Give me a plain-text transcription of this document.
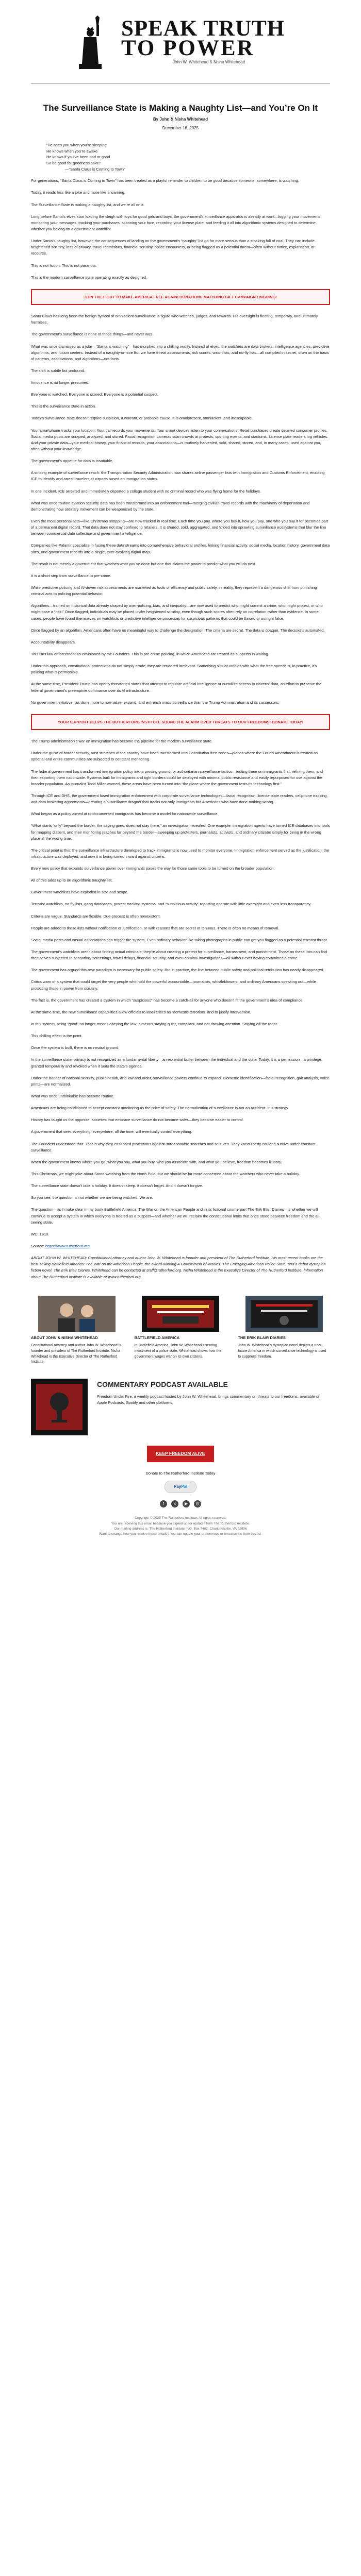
SPEAK TRUTH
TO POWER
John W. Whitehead & Nisha Whitehead
The Surveillance State is Making a Naughty List—and You’re On It
By John & Nisha Whitehead
December 16, 2025
“He sees you when you’re sleeping
He knows when you’re awake
He knows if you’ve been bad or good
So be good for goodness sake!”
—“Santa Claus is Coming to Town”

For generations, “Santa Claus is Coming to Town” has been treated as a playful reminder to children to be good because someone, somewhere, is watching.

Today, it reads less like a joke and more like a warning.

The Surveillance State is making a naughty list, and we’re all on it.

Long before Santa’s elves start loading the sleigh with toys for good girls and boys, the government’s surveillance apparatus is already at work—logging your movements, monitoring your messages, tracking your purchases, scanning your face, recording your license plate, and feeding it all into algorithmic systems designed to determine whether you belong on a government watchlist.

Under Santa’s naughty list, however, the consequences of landing on the government’s “naughty” list go far more serious than a stocking full of coal. They can include heightened scrutiny, loss of privacy, travel restrictions, financial scrutiny, police encounters, or being flagged as a potential threat—often without notice, explanation, or recourse.

This is not fiction. This is not paranoia.

This is the modern surveillance state operating exactly as designed.

JOIN THE FIGHT TO MAKE AMERICA FREE AGAIN! DONATIONS MATCHING GIFT CAMPAIGN ONGOING!

Santa Claus has long been the benign symbol of omniscient surveillance: a figure who watches, judges, and rewards. His oversight is fleeting, temporary, and ultimately harmless.

The government’s surveillance is none of those things—and never was.

What was once dismissed as a joke—“Santa is watching”—has morphed into a chilling reality. Instead of elves, the watchers are data brokers, intelligence agencies, predictive algorithms, and fusion centers. Instead of a naughty-or-nice list, we have threat assessments, risk scores, watchlists, and no-fly lists—all compiled in secret, often on the basis of patterns, associations, and algorithms—not facts.

The shift is subtle but profound.

Innocence is no longer presumed.

Everyone is watched. Everyone is scored. Everyone is a potential suspect.

This is the surveillance state in action.

Today’s surveillance state doesn’t require suspicion, a warrant, or probable cause. It is omnipresent, omniscient, and inescapable.

Your smartphone tracks your location. Your car records your movements. Your smart devices listen to your conversations. Retail purchases create detailed consumer profiles. Social media posts are scraped, analyzed, and stored. Facial recognition cameras scan crowds at protests, sporting events, and stadiums. License plate readers log vehicles. And your private data—your medical history, your financial records, your associations—is routinely harvested, sold, shared, stored, and, in many cases, used against you, often without your knowledge.

The government’s appetite for data is insatiable.

A striking example of surveillance reach: the Transportation Security Administration now shares airline passenger lists with Immigration and Customs Enforcement, enabling ICE to identify and arrest travelers at airports based on immigration status.

In one incident, ICE arrested and immediately deported a college student with no criminal record who was flying home for the holidays.

What was once routine aviation security data has been transformed into an enforcement tool—merging civilian travel records with the machinery of deportation and demonstrating how ordinary movement can be weaponized by the state.

Even the most personal acts—like Christmas shopping—are now tracked in real time. Each time you pay, where you buy it, how you pay, and who you buy it for becomes part of a permanent digital record. That data does not stay confined to retailers. It is shared, sold, aggregated, and folded into sprawling surveillance ecosystems that blur the line between commercial data collection and government intelligence.

Companies like Palantir specialize in fusing these data streams into comprehensive behavioral profiles, linking financial activity, social media, location history, government data sites, and government records into a single, ever-evolving digital map.

The result is not merely a government that watches what you’ve done but one that claims the power to predict what you will do next.

It is a short step from surveillance to pre-crime.

While predictive policing and AI-driven risk assessments are marketed as tools of efficiency and public safety, in reality, they represent a dangerous shift from punishing criminal acts to policing potential behavior.

Algorithms—trained on historical data already shaped by over-policing, bias, and inequality—are now used to predict who might commit a crime, who might protest, or who might pose a “risk.” Once flagged, individuals may be placed under heightened scrutiny, even though such scores often rely on correlation rather than evidence. In some cases, people have found themselves on watchlists or predictive intelligence processes for suspicious patterns that could be flawed or outright false.

Once flagged by an algorithm, Americans often have no meaningful way to challenge the designation. The criteria are secret. The data is opaque. The decisions automated.

Accountability disappears.

This isn’t law enforcement as envisioned by the Founders. This is pre-crime policing, in which Americans are treated as suspects in waiting.

Under this approach, constitutional protections do not simply erode; they are rendered irrelevant. Something similar unfolds with what the free speech is, in practice, it’s policing what is permissible.

At the same time, President Trump has openly threatened states that attempt to regulate artificial intelligence or curtail its access to citizens’ data, an effort to preserve the federal government’s preemptive dominance over its AI infrastructure.

No government initiative has done more to normalize, expand, and entrench mass surveillance than the Trump Administration and its successors.

YOUR SUPPORT HELPS THE RUTHERFORD INSTITUTE SOUND THE ALARM OVER THREATS TO OUR FREEDOMS! DONATE TODAY!

The Trump administration’s war on immigration has become the pipeline for the modern surveillance state.

Under the guise of border security, vast stretches of the country have been transformed into Constitution-free zones—places where the Fourth Amendment is treated as optional and entire communities are subjected to constant monitoring.

The federal government has transformed immigration policy into a proving ground for authoritarian surveillance tactics—testing them on immigrants first, refining them, and then exporting them nationwide. Systems built for immigrants and tight borders could be deployed with minimal public resistance and easily repurposed for use against the broader population. As journalist Todd Miller warned, these areas have been turned into “the place where the government tests its technology first.”

Through ICE and DHS, the government fused immigration enforcement with corporate surveillance technologies—facial recognition, license plate readers, cellphone tracking, and data brokering agreements—creating a surveillance dragnet that tracks not only immigrants but Americans who have done nothing wrong.

What began as a policy aimed at undocumented immigrants has become a model for nationwide surveillance.

“What starts “only” beyond the border, the saying goes, does not stay there,” an investigation revealed. One example: immigration agents have turned ICE databases into tools for mapping dissent, and their monitoring reaches far beyond the border—sweeping up protesters, journalists, activists, and ordinary citizens simply for being in the wrong place at the wrong time.

The critical point is this: the surveillance infrastructure developed to track immigrants is now used to monitor everyone. Immigration enforcement served as the justification; the infrastructure was deployed; and now it is being turned inward against citizens.

Every new policy that expands surveillance power over immigrants paves the way for those same tools to be turned on the broader population.

All of this adds up to an algorithmic naughty list.

Government watchlists have exploded in size and scope.

Terrorist watchlists, no-fly lists, gang databases, protest tracking systems, and “suspicious activity” reporting operate with little oversight and even less transparency.

Criteria are vague. Standards are flexible. Due process is often nonexistent.

People are added to these lists without notification or justification, or with reasons that are secret or tenuous. There is often no means of removal.

Social media posts and casual associations can trigger the system. Even ordinary behavior like taking photographs in public can get you flagged as a potential terrorist threat.

The government’s watchlists aren’t about finding actual criminals; they’re about creating a pretext for surveillance, harassment, and punishment. Those on these lists can find themselves subjected to secondary screenings, travel delays, financial scrutiny, and even criminal investigations—all without ever having committed a crime.

The government has argued this new paradigm is necessary for public safety. But in practice, the line between public safety and political retribution has nearly disappeared.

Critics warn of a system that could target the very people who hold the powerful accountable—journalists, whistleblowers, and ordinary Americans speaking out—while protecting those in power from scrutiny.

The fact is, the government has created a system in which “suspicious” has become a catch-all for anyone who doesn’t fit the government’s idea of compliance.

At the same time, the new surveillance capabilities allow officials to label critics as “domestic terrorists” and to justify intervention.

In this system, being “good” no longer means obeying the law; it means staying quiet, compliant, and not drawing attention. Staying off the radar.

This chilling effect is the point.

Once the system is built, there is no neutral ground.

In the surveillance state, privacy is not recognized as a fundamental liberty—an essential buffer between the individual and the state. Today, it is a permission—a privilege, granted temporarily and revoked when it suits the state’s agenda.

Under the banner of national security, public health, and law and order, surveillance powers continue to expand. Biometric identification—facial recognition, gait analysis, voice prints—are normalized.

What was once unthinkable has become routine.

Americans are being conditioned to accept constant monitoring as the price of safety. The normalization of surveillance is not an accident. It is strategy.

History has taught us the opposite: societies that embrace surveillance do not become safer—they become easier to control.

A government that sees everything, everywhere, all the time, will eventually control everything.

The Founders understood that. That is why they enshrined protections against unreasonable searches and seizures. They knew liberty couldn’t survive under constant surveillance.

When the government knows where you go, what you say, what you buy, who you associate with, and what you believe, freedom becomes illusory.

This Christmas, we might joke about Santa watching from the North Pole, but we should be far more concerned about the watchers who never take a holiday.

The surveillance state doesn’t take a holiday. It doesn’t sleep. It doesn’t forget. And it doesn’t forgive.

So you see, the question is not whether we are being watched. We are.

The question—as I make clear in my book Battlefield America: The War on the American People and in its fictional counterpart The Erik Blair Diaries—is whether we will continue to accept a system in which everyone is treated as a suspect—and whether we will reclaim the constitutional limits that once stood between freedom and the all-seeing state.

WC: 1810

Source: https://www.rutherford.org

ABOUT JOHN W. WHITEHEAD: Constitutional attorney and author John W. Whitehead is founder and president of The Rutherford Institute. His most recent books are the best-selling Battlefield America: The War on the American People, the award-winning A Government of Wolves: The Emerging American Police State, and a debut dystopian fiction novel, The Erik Blair Diaries. Whitehead can be contacted at staff@rutherford.org. Nisha Whitehead is the Executive Director of The Rutherford Institute. Information about The Rutherford Institute is available at www.rutherford.org.

ABOUT JOHN & NISHA WHITEHEAD
Constitutional attorney and author John W. Whitehead is founder and president of The Rutherford Institute. Nisha Whitehead is the Executive Director of The Rutherford Institute.
BATTLEFIELD AMERICA
In Battlefield America, John W. Whitehead’s searing indictment of a police state, Whitehead shows how the government wages war on its own citizens.
THE ERIK BLAIR DIARIES
John W. Whitehead’s dystopian novel depicts a near-future America in which surveillance technology is used to suppress freedom.
COMMENTARY PODCAST AVAILABLE
Freedom Under Fire, a weekly podcast hosted by John W. Whitehead, brings commentary on threats to our freedoms, available on Apple Podcasts, Spotify and other platforms.
KEEP FREEDOM ALIVE
Donate to The Rutherford Institute Today
Pay Pal
f	x	▶	◎
Copyright © 2025 The Rutherford Institute, All rights reserved.
You are receiving this email because you signed up for updates from The Rutherford Institute.
Our mailing address is: The Rutherford Institute, P.O. Box 7482, Charlottesville, VA 22906
Want to change how you receive these emails? You can update your preferences or unsubscribe from this list.
